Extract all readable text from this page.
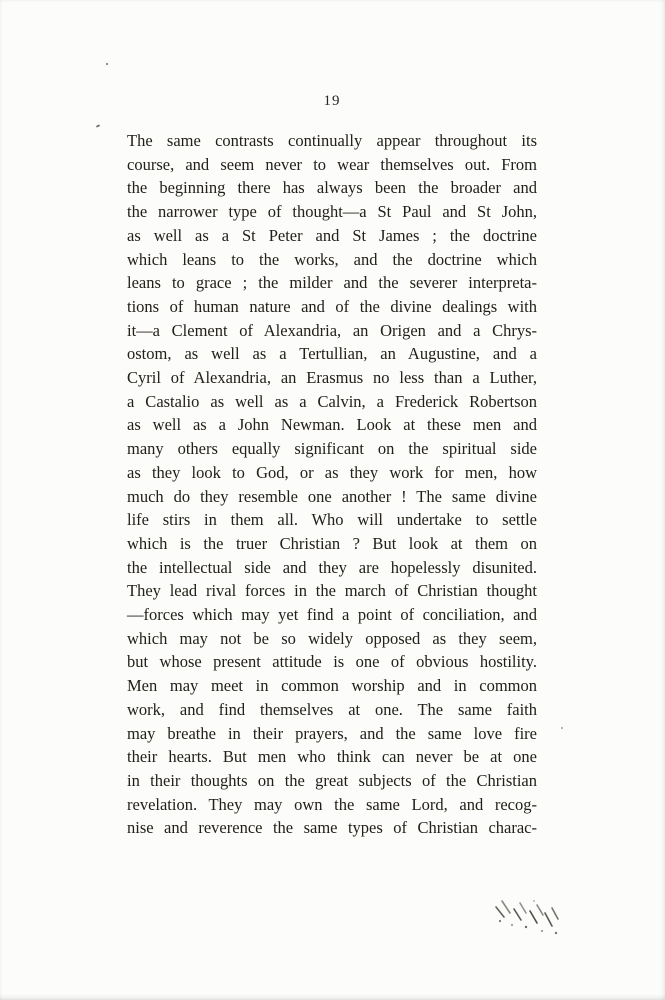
19
The same contrasts continually appear throughout its
course, and seem never to wear themselves out. From
the beginning there has always been the broader and
the narrower type of thought—a St Paul and St John,
as well as a St Peter and St James ; the doctrine
which leans to the works, and the doctrine which
leans to grace ; the milder and the severer interpreta-
tions of human nature and of the divine dealings with
it—a Clement of Alexandria, an Origen and a Chrys-
ostom, as well as a Tertullian, an Augustine, and a
Cyril of Alexandria, an Erasmus no less than a Luther,
a Castalio as well as a Calvin, a Frederick Robertson
as well as a John Newman. Look at these men and
many others equally significant on the spiritual side
as they look to God, or as they work for men, how
much do they resemble one another ! The same divine
life stirs in them all. Who will undertake to settle
which is the truer Christian ? But look at them on
the intellectual side and they are hopelessly disunited.
They lead rival forces in the march of Christian thought
—forces which may yet find a point of conciliation, and
which may not be so widely opposed as they seem,
but whose present attitude is one of obvious hostility.
Men may meet in common worship and in common
work, and find themselves at one. The same faith
may breathe in their prayers, and the same love fire
their hearts. But men who think can never be at one
in their thoughts on the great subjects of the Christian
revelation. They may own the same Lord, and recog-
nise and reverence the same types of Christian charac-
